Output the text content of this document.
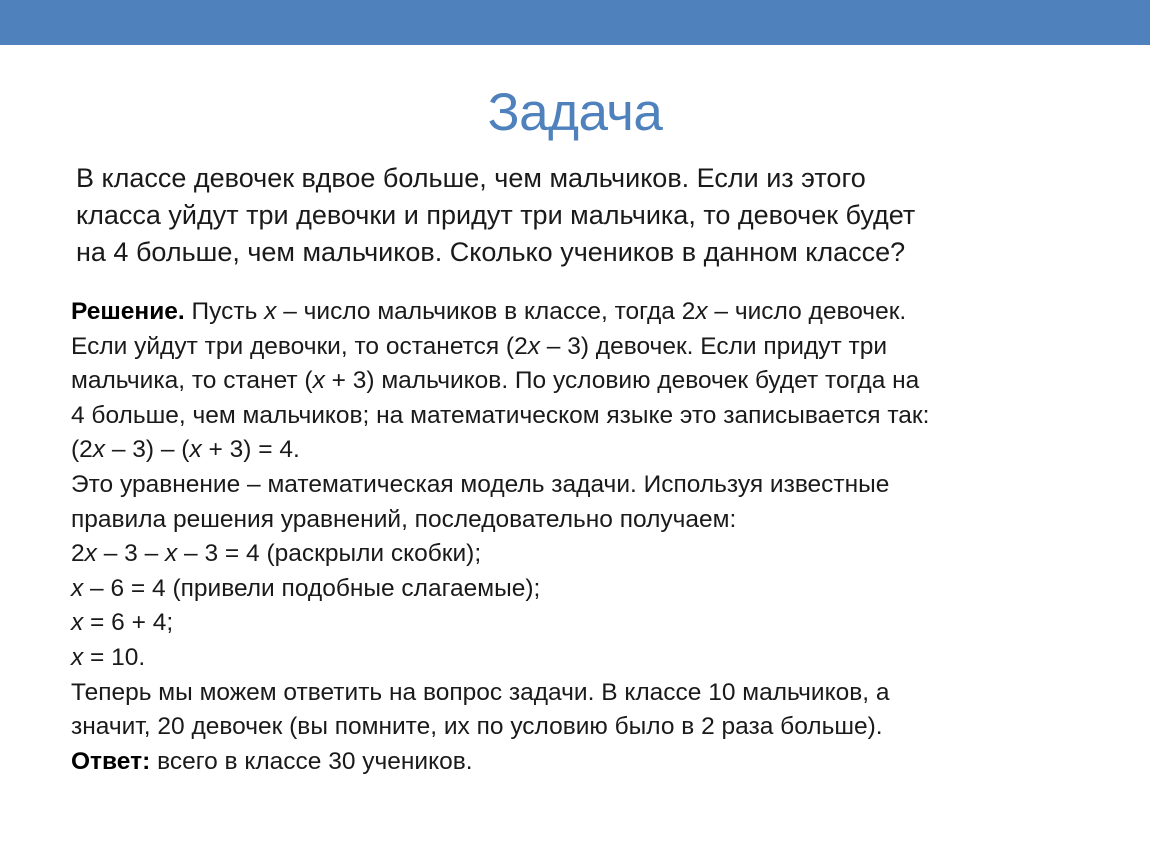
Задача

В классе девочек вдвое больше, чем мальчиков. Если из этого

класса уйдут три девочки и придут три мальчика, то девочек будет

на 4 больше, чем мальчиков. Сколько учеников в данном классе?

Решение. Пусть x – число мальчиков в классе, тогда 2x – число девочек.

Если уйдут три девочки, то останется (2x – 3) девочек. Если придут три

мальчика, то станет (x + 3) мальчиков. По условию девочек будет тогда на

4 больше, чем мальчиков; на математическом языке это записывается так:

(2x – 3) – (x + 3) = 4.

Это уравнение – математическая модель задачи. Используя известные

правила решения уравнений, последовательно получаем:

2x – 3 – x – 3 = 4 (раскрыли скобки);

x – 6 = 4 (привели подобные слагаемые);

x = 6 + 4;

x = 10.

Теперь мы можем ответить на вопрос задачи. В классе 10 мальчиков, а

значит, 20 девочек (вы помните, их по условию было в 2 раза больше).

Ответ: всего в классе 30 учеников.
